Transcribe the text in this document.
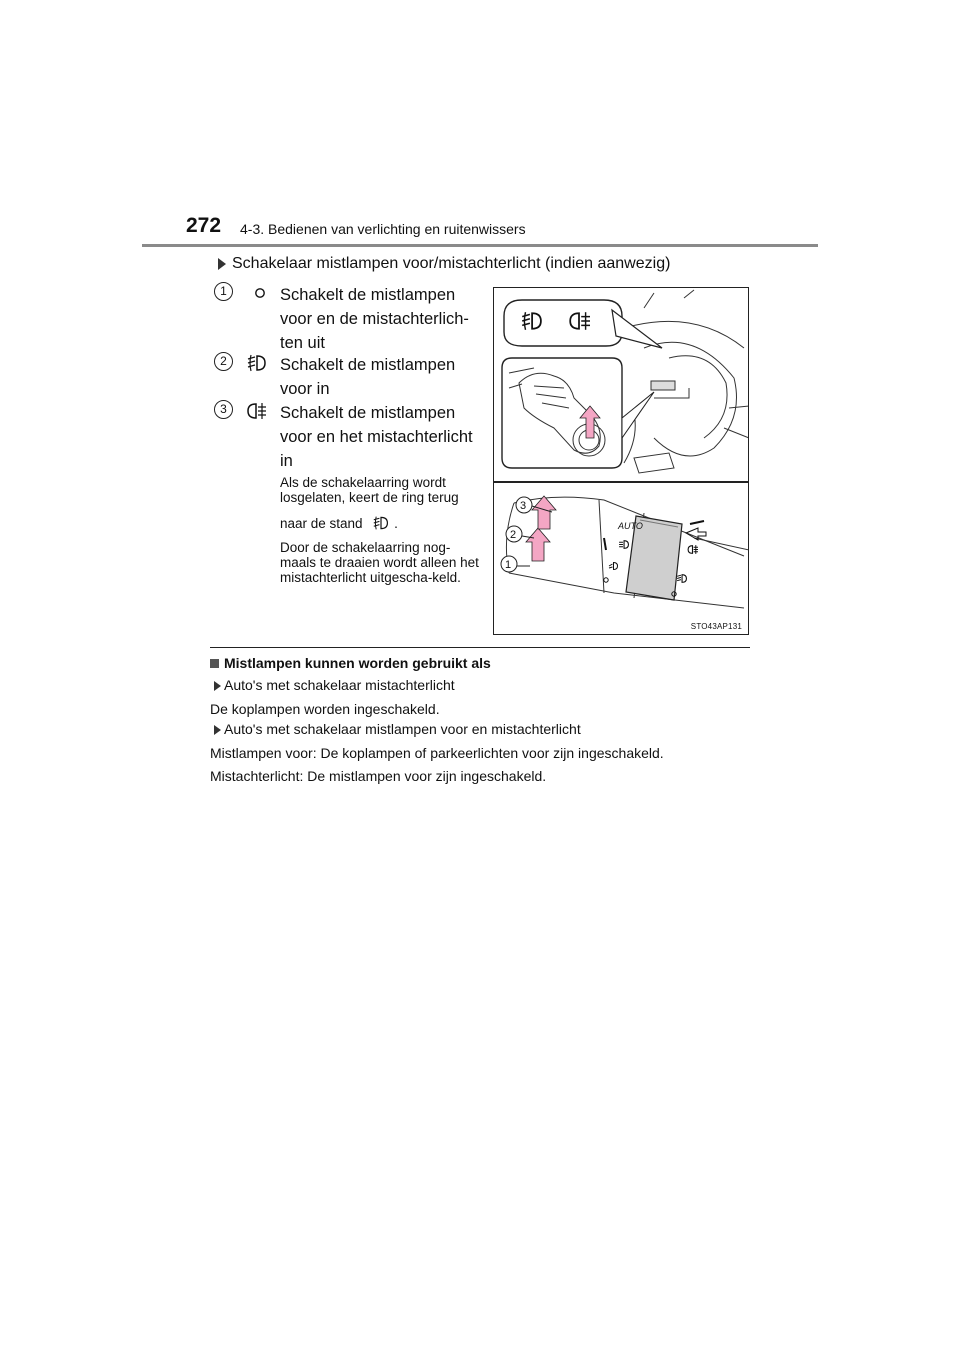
272 4-3. Bedienen van verlichting en ruitenwissers
Schakelaar mistlampen voor/mistachterlicht (indien aanwezig)
1	Schakelt de mistlampen voor en de mistachterlich-ten uit
2	Schakelt de mistlampen voor in
3	Schakelt de mistlampen voor en het mistachterlicht in
Als de schakelaarring wordt losgelaten, keert de ring terug
naar de stand .
Door de schakelaarring nog-maals te draaien wordt alleen het mistachterlicht uitgescha-keld.
AUTO
3
2
1
STO43AP131
Mistlampen kunnen worden gebruikt als
Auto's met schakelaar mistachterlicht
De koplampen worden ingeschakeld.
Auto's met schakelaar mistlampen voor en mistachterlicht
Mistlampen voor: De koplampen of parkeerlichten voor zijn ingeschakeld.
Mistachterlicht: De mistlampen voor zijn ingeschakeld.
